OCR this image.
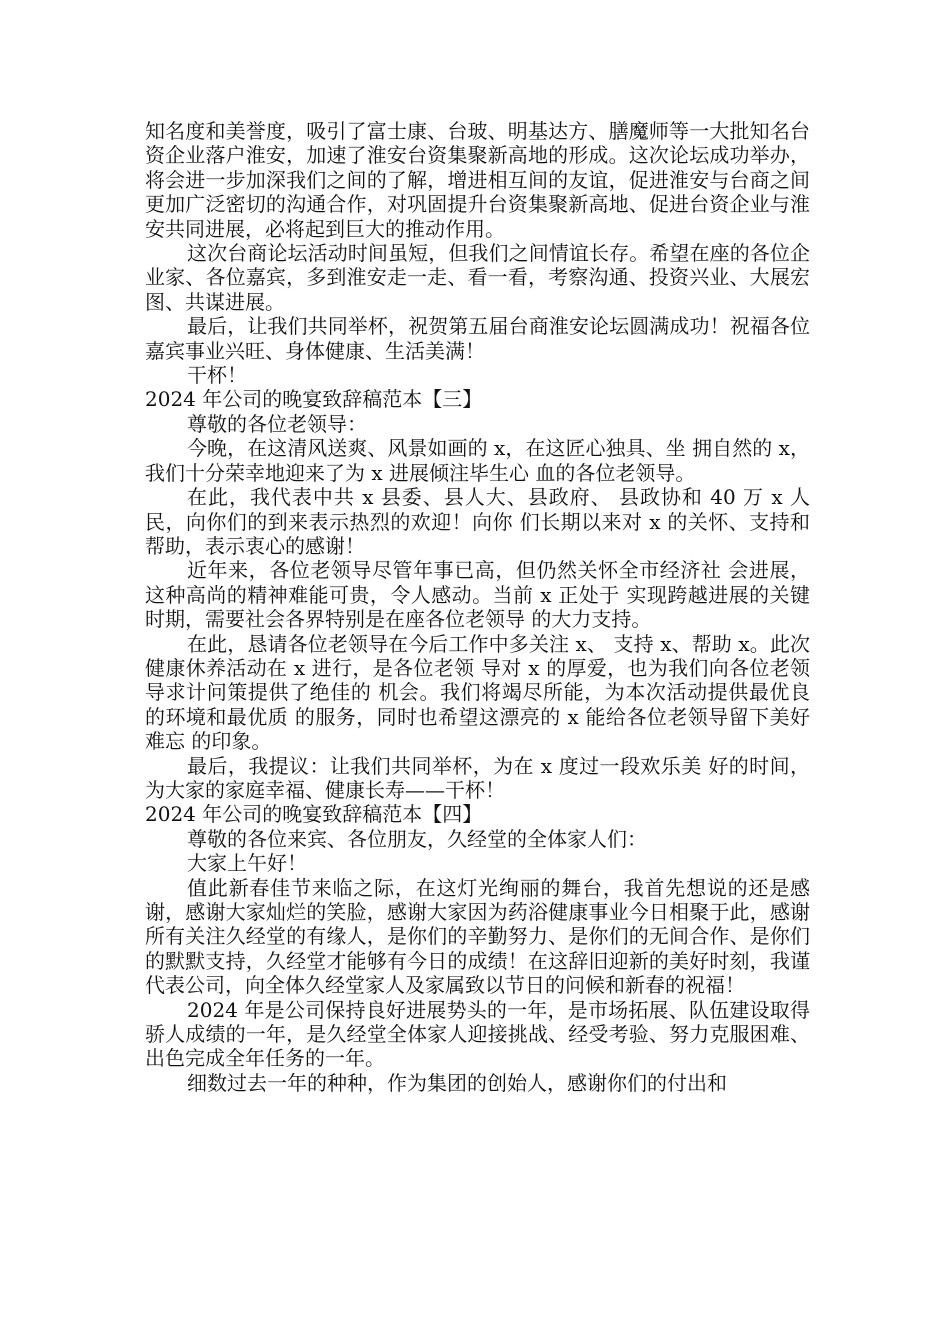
知名度和美誉度，吸引了富士康、台玻、明基达方、膳魔师等一大批知名台资企业落户淮安，加速了淮安台资集聚新高地的形成。这次论坛成功举办，将会进一步加深我们之间的了解，增进相互间的友谊，促进淮安与台商之间更加广泛密切的沟通合作，对巩固提升台资集聚新高地、促进台资企业与淮安共同进展，必将起到巨大的推动作用。

这次台商论坛活动时间虽短，但我们之间情谊长存。希望在座的各位企业家、各位嘉宾，多到淮安走一走、看一看，考察沟通、投资兴业、大展宏图、共谋进展。

最后，让我们共同举杯，祝贺第五届台商淮安论坛圆满成功！祝福各位嘉宾事业兴旺、身体健康、生活美满！

干杯！

2024 年公司的晚宴致辞稿范本【三】

尊敬的各位老领导：

今晚，在这清风送爽、风景如画的 x，在这匠心独具、坐 拥自然的 x，我们十分荣幸地迎来了为 x 进展倾注毕生心 血的各位老领导。

在此，我代表中共 x 县委、县人大、县政府、 县政协和 40 万 x 人民，向你们的到来表示热烈的欢迎！向你 们长期以来对 x 的关怀、支持和帮助，表示衷心的感谢！

近年来，各位老领导尽管年事已高，但仍然关怀全市经济社 会进展，这种高尚的精神难能可贵，令人感动。当前 x 正处于 实现跨越进展的关键时期，需要社会各界特别是在座各位老领导 的大力支持。

在此，恳请各位老领导在今后工作中多关注 x、 支持 x、帮助 x。此次健康休养活动在 x 进行，是各位老领 导对 x 的厚爱，也为我们向各位老领导求计问策提供了绝佳的 机会。我们将竭尽所能，为本次活动提供最优良的环境和最优质 的服务，同时也希望这漂亮的 x 能给各位老领导留下美好难忘 的印象。

最后，我提议：让我们共同举杯，为在 x 度过一段欢乐美 好的时间，为大家的家庭幸福、健康长寿——干杯！

2024 年公司的晚宴致辞稿范本【四】

尊敬的各位来宾、各位朋友，久经堂的全体家人们：

大家上午好！

值此新春佳节来临之际，在这灯光绚丽的舞台，我首先想说的还是感谢，感谢大家灿烂的笑脸，感谢大家因为药浴健康事业今日相聚于此，感谢所有关注久经堂的有缘人，是你们的辛勤努力、是你们的无间合作、是你们的默默支持，久经堂才能够有今日的成绩！在这辞旧迎新的美好时刻，我谨代表公司，向全体久经堂家人及家属致以节日的问候和新春的祝福！

2024 年是公司保持良好进展势头的一年，是市场拓展、队伍建设取得骄人成绩的一年，是久经堂全体家人迎接挑战、经受考验、努力克服困难、出色完成全年任务的一年。

细数过去一年的种种，作为集团的创始人，感谢你们的付出和
